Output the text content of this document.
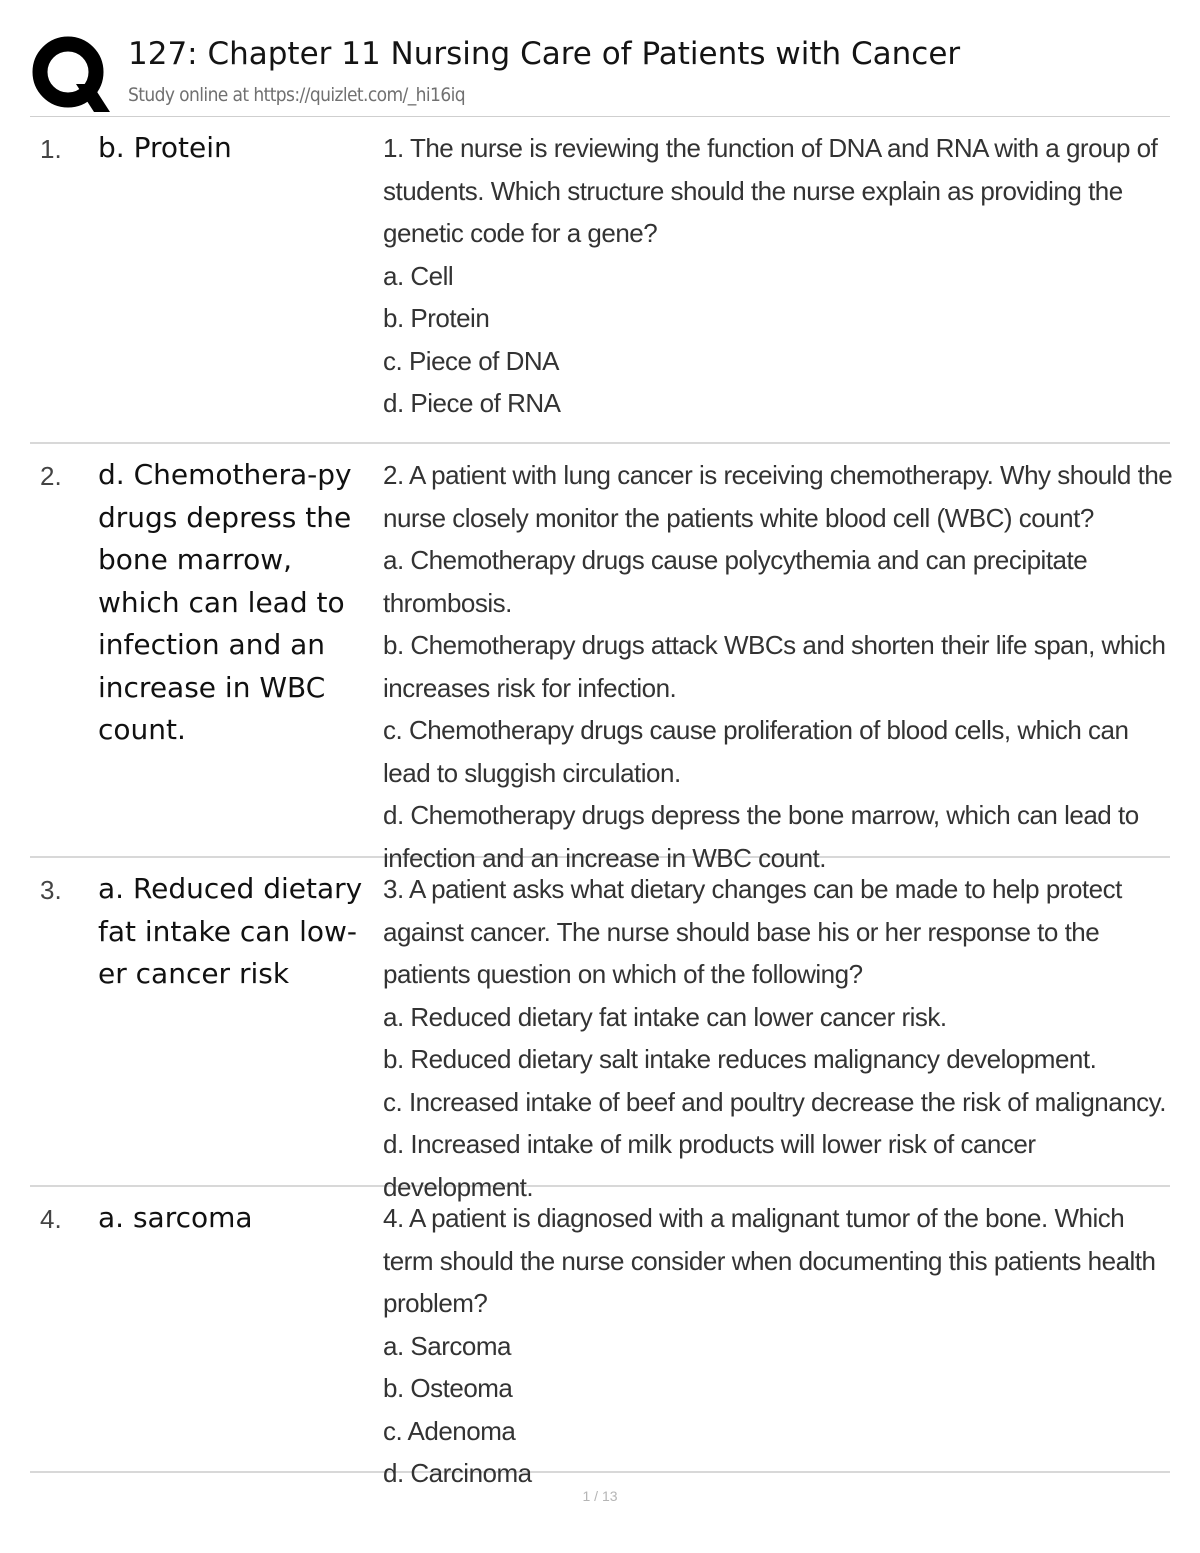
127: Chapter 11 Nursing Care of Patients with Cancer
Study online at https://quizlet.com/_hi16iq
1. b. Protein	1. The nurse is reviewing the function of DNA and RNA with a group of students. Which structure should the nurse explain as providing the genetic code for a gene?
a. Cell
b. Protein
c. Piece of DNA
d. Piece of RNA
2. d. Chemothera-py drugs depress the bone marrow, which can lead to infection and an increase in WBC count.
2. A patient with lung cancer is receiving chemotherapy. Why should the nurse closely monitor the patients white blood cell (WBC) count?
a. Chemotherapy drugs cause polycythemia and can precipitate thrombosis.
b. Chemotherapy drugs attack WBCs and shorten their life span, which increases risk for infection.
c. Chemotherapy drugs cause proliferation of blood cells, which can lead to sluggish circulation.
d. Chemotherapy drugs depress the bone marrow, which can lead to infection and an increase in WBC count.
3. a. Reduced dietary fat intake can low-er cancer risk
3. A patient asks what dietary changes can be made to help protect against cancer. The nurse should base his or her response to the patients question on which of the following?
a. Reduced dietary fat intake can lower cancer risk.
b. Reduced dietary salt intake reduces malignancy development.
c. Increased intake of beef and poultry decrease the risk of malignancy.
d. Increased intake of milk products will lower risk of cancer development.
4. a. sarcoma	4. A patient is diagnosed with a malignant tumor of the bone. Which term should the nurse consider when documenting this patients health problem?
a. Sarcoma
b. Osteoma
c. Adenoma
d. Carcinoma
1 / 13
